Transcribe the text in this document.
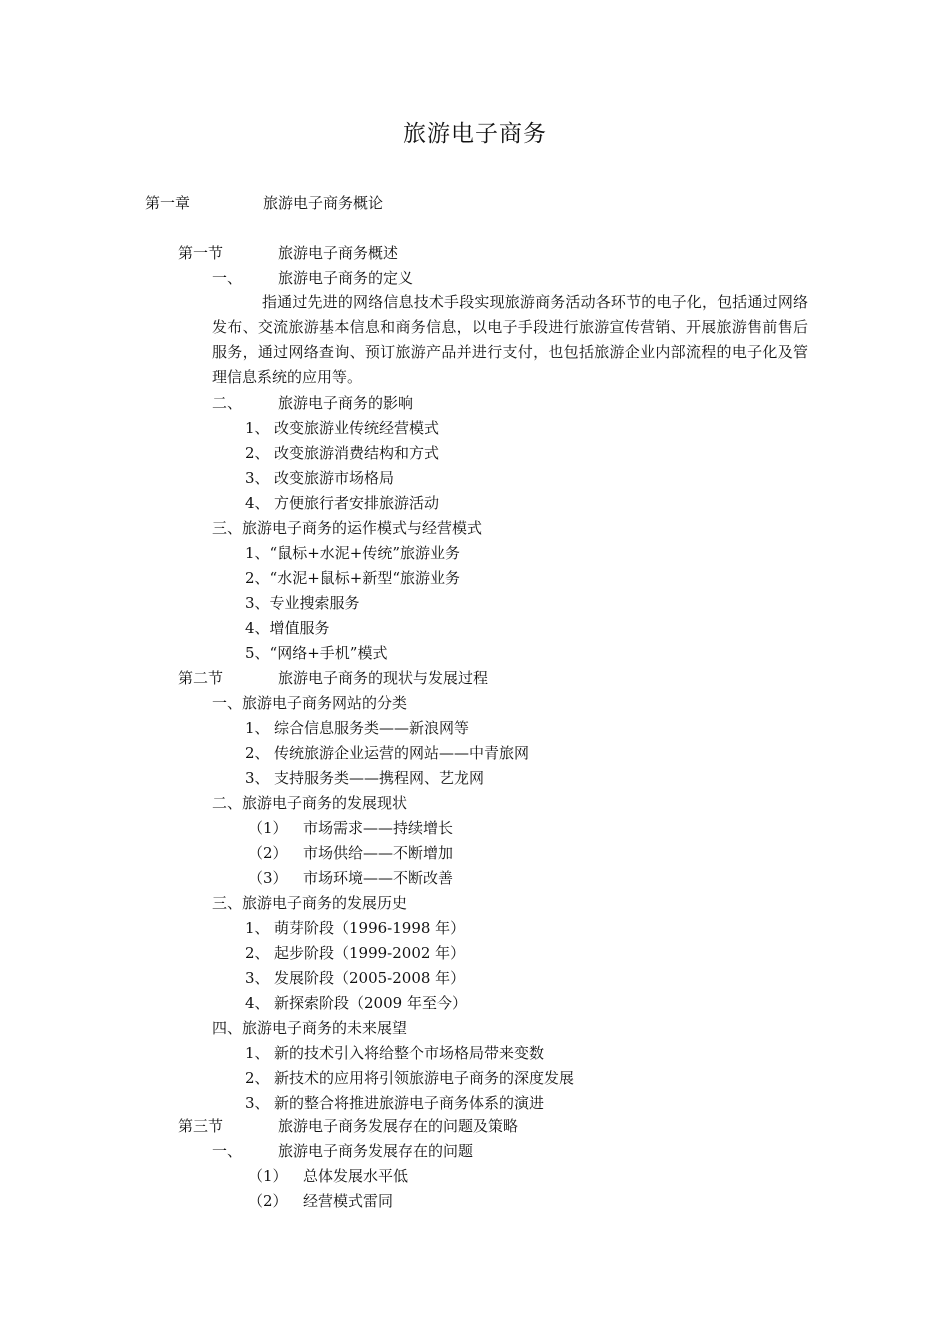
旅游电子商务
第一章	旅游电子商务概论
第一节	旅游电子商务概述
一、 旅游电子商务的定义
指通过先进的网络信息技术手段实现旅游商务活动各环节的电子化，包括通过网络发布、交流旅游基本信息和商务信息，以电子手段进行旅游宣传营销、开展旅游售前售后服务，通过网络查询、预订旅游产品并进行支付，也包括旅游企业内部流程的电子化及管理信息系统的应用等。
二、 旅游电子商务的影响
1、 改变旅游业传统经营模式
2、 改变旅游消费结构和方式
3、 改变旅游市场格局
4、 方便旅行者安排旅游活动
三、旅游电子商务的运作模式与经营模式
1、“鼠标+水泥+传统”旅游业务
2、“水泥+鼠标+新型“旅游业务
3、专业搜索服务
4、增值服务
5、“网络+手机”模式
第二节	旅游电子商务的现状与发展过程
一、旅游电子商务网站的分类
1、 综合信息服务类——新浪网等
2、 传统旅游企业运营的网站——中青旅网
3、 支持服务类——携程网、艺龙网
二、旅游电子商务的发展现状
（1） 市场需求——持续增长
（2） 市场供给——不断增加
（3） 市场环境——不断改善
三、旅游电子商务的发展历史
1、 萌芽阶段（1996-1998 年）
2、 起步阶段（1999-2002 年）
3、 发展阶段（2005-2008 年）
4、 新探索阶段（2009 年至今）
四、旅游电子商务的未来展望
1、 新的技术引入将给整个市场格局带来变数
2、 新技术的应用将引领旅游电子商务的深度发展
3、 新的整合将推进旅游电子商务体系的演进
第三节	旅游电子商务发展存在的问题及策略
一、 旅游电子商务发展存在的问题
（1） 总体发展水平低
（2） 经营模式雷同
